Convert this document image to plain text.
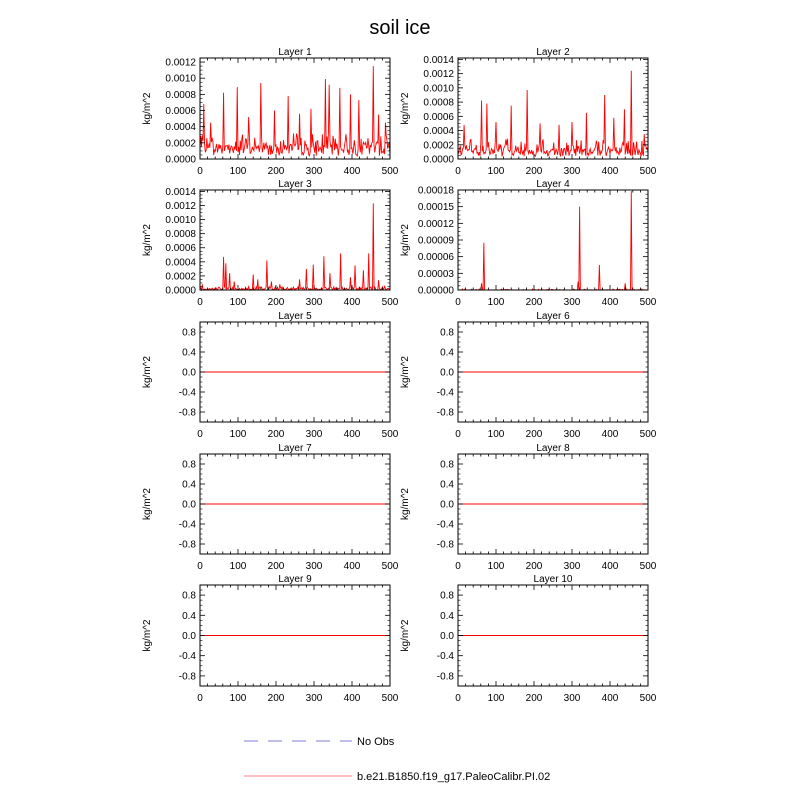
soil ice
Layer 1
kg/m^2
0	100 200 300 400 500
0.0000
0.0002
0.0004
0.0006
0.0008
0.0010
0.0012
Layer 2
kg/m^2
0	100 200 300 400 500
0.0000
0.0002
0.0004
0.0006
0.0008
0.0010
0.0012
0.0014
Layer 3
kg/m^2
0	100 200 300 400 500
0.0000
0.0002
0.0004
0.0006
0.0008
0.0010
0.0012
0.0014
Layer 4
kg/m^2
0	100 200 300 400 500
0.00000
0.00003
0.00006
0.00009
0.00012
0.00015
0.00018
Layer 5
kg/m^2
0	100 200 300 400 500
-0.8
-0.4
0.0
0.4
0.8
Layer 6
kg/m^2
0	100 200 300 400 500
-0.8
-0.4
0.0
0.4
0.8
Layer 7
kg/m^2
0	100 200 300 400 500
-0.8
-0.4
0.0
0.4
0.8
Layer 8
kg/m^2
0	100 200 300 400 500
-0.8
-0.4
0.0
0.4
0.8
Layer 9
kg/m^2
0	100 200 300 400 500
-0.8
-0.4
0.0
0.4
0.8
Layer 10
kg/m^2
0	100 200 300 400 500
-0.8
-0.4
0.0
0.4
0.8
No Obs
b.e21.B1850.f19_g17.PaleoCalibr.PI.02
